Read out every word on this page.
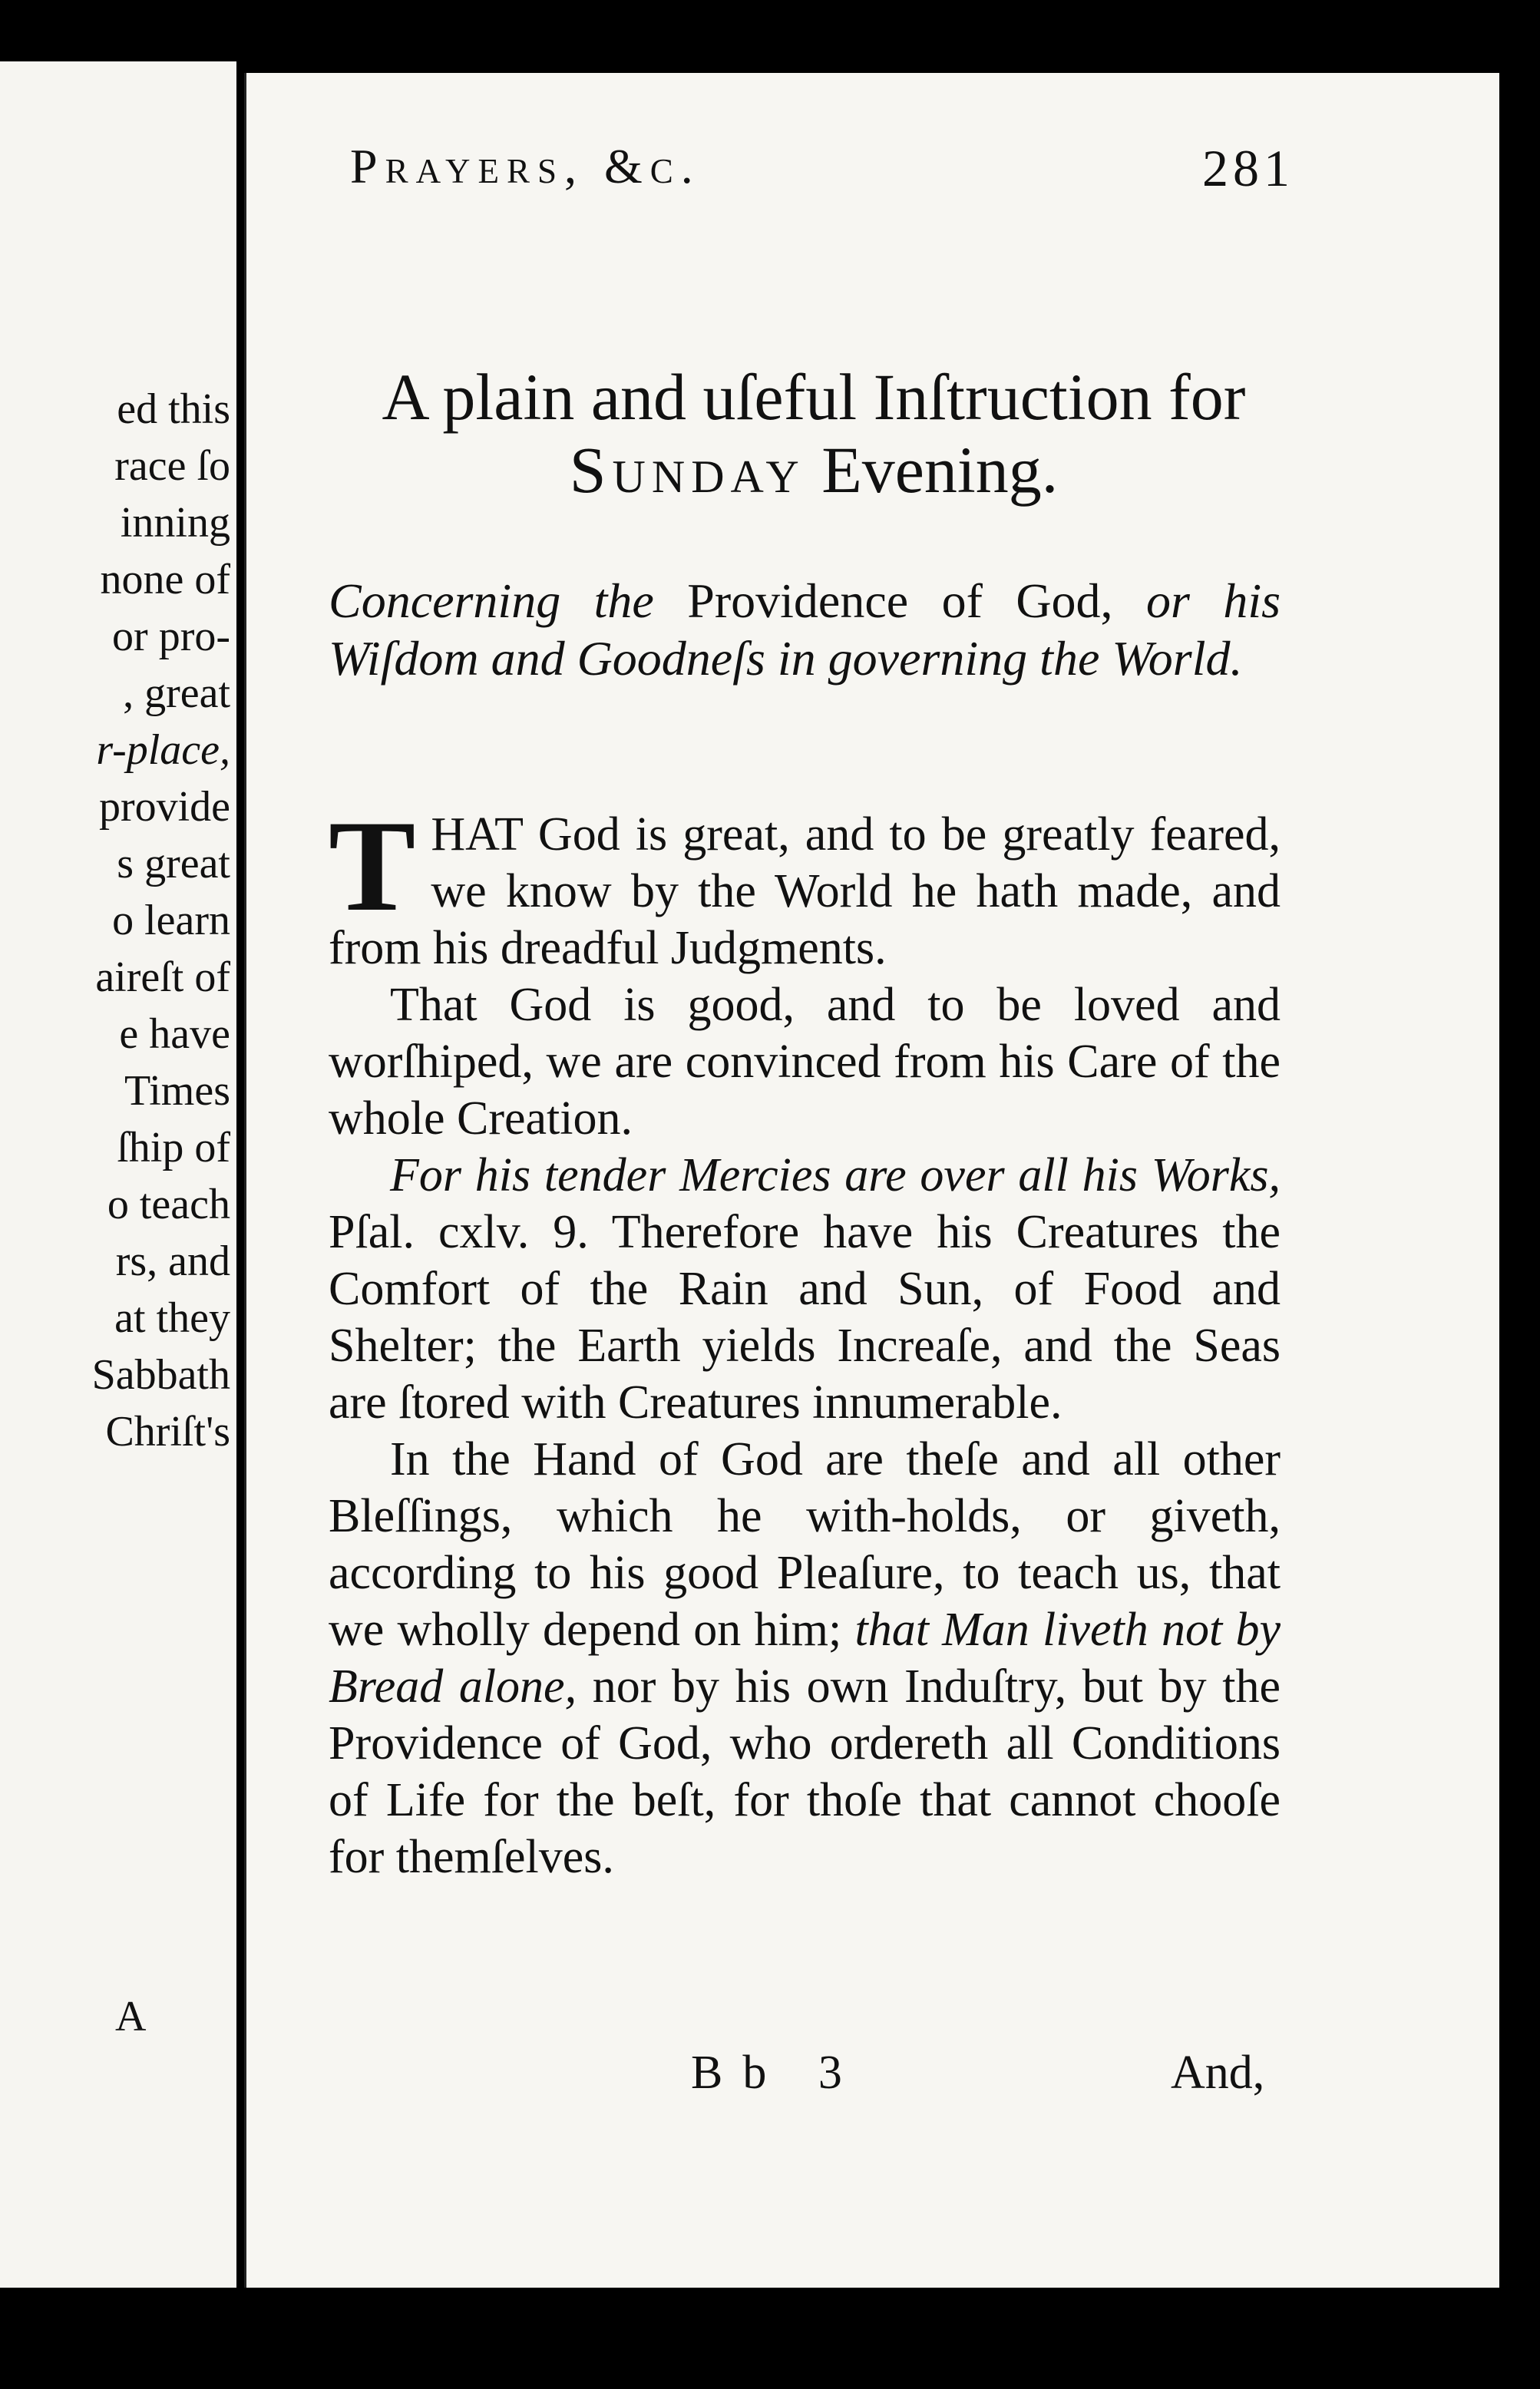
ed this
race ſo
inning
none of
or pro-
, great
r-place,
provide
s great
o learn
aireſt of
e have
Times
ſhip of
o teach
rs, and
at they
Sabbath
Chriſt's
A
Prayers, &c.	281
A plain and uſeful Inſtruction for
Sunday Evening.
Concerning the Providence of God, or his Wiſdom and Goodneſs in governing the World.

THAT God is great, and to be greatly feared, we know by the World he hath made, and from his dreadful Judgments.

That God is good, and to be loved and worſhiped, we are convinced from his Care of the whole Creation.

For his tender Mercies are over all his Works, Pſal. cxlv. 9. Therefore have his Creatures the Comfort of the Rain and Sun, of Food and Shelter; the Earth yields Increaſe, and the Seas are ſtored with Creatures innumerable.

In the Hand of God are theſe and all other Bleſſings, which he with-holds, or giveth, according to his good Pleaſure, to teach us, that we wholly depend on him; that Man liveth not by Bread alone, nor by his own Induſtry, but by the Providence of God, who ordereth all Conditions of Life for the beſt, for thoſe that cannot chooſe for themſelves.

Bb 3	And,
